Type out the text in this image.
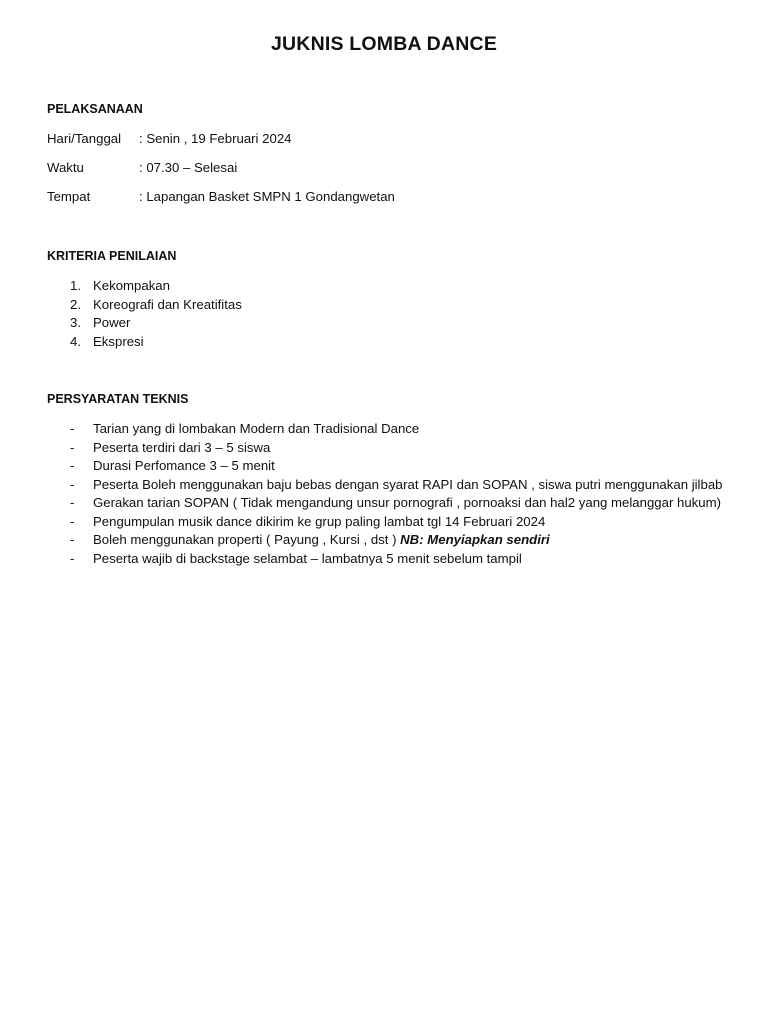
JUKNIS LOMBA DANCE
PELAKSANAAN
Hari/Tanggal : Senin , 19 Februari 2024
Waktu	: 07.30 – Selesai
Tempat	: Lapangan Basket SMPN 1 Gondangwetan
KRITERIA PENILAIAN
1. Kekompakan
2. Koreografi dan Kreatifitas
3. Power
4. Ekspresi
PERSYARATAN TEKNIS
-	Tarian yang di lombakan Modern dan Tradisional Dance
-	Peserta terdiri dari 3 – 5 siswa
-	Durasi Perfomance 3 – 5 menit
-	Peserta Boleh menggunakan baju bebas dengan syarat RAPI dan SOPAN , siswa putri menggunakan jilbab
-	Gerakan tarian SOPAN ( Tidak mengandung unsur pornografi , pornoaksi dan hal2 yang melanggar hukum)
-	Pengumpulan musik dance dikirim ke grup paling lambat tgl 14 Februari 2024
-	Boleh menggunakan properti ( Payung , Kursi , dst ) NB: Menyiapkan sendiri
-	Peserta wajib di backstage selambat – lambatnya 5 menit sebelum tampil
